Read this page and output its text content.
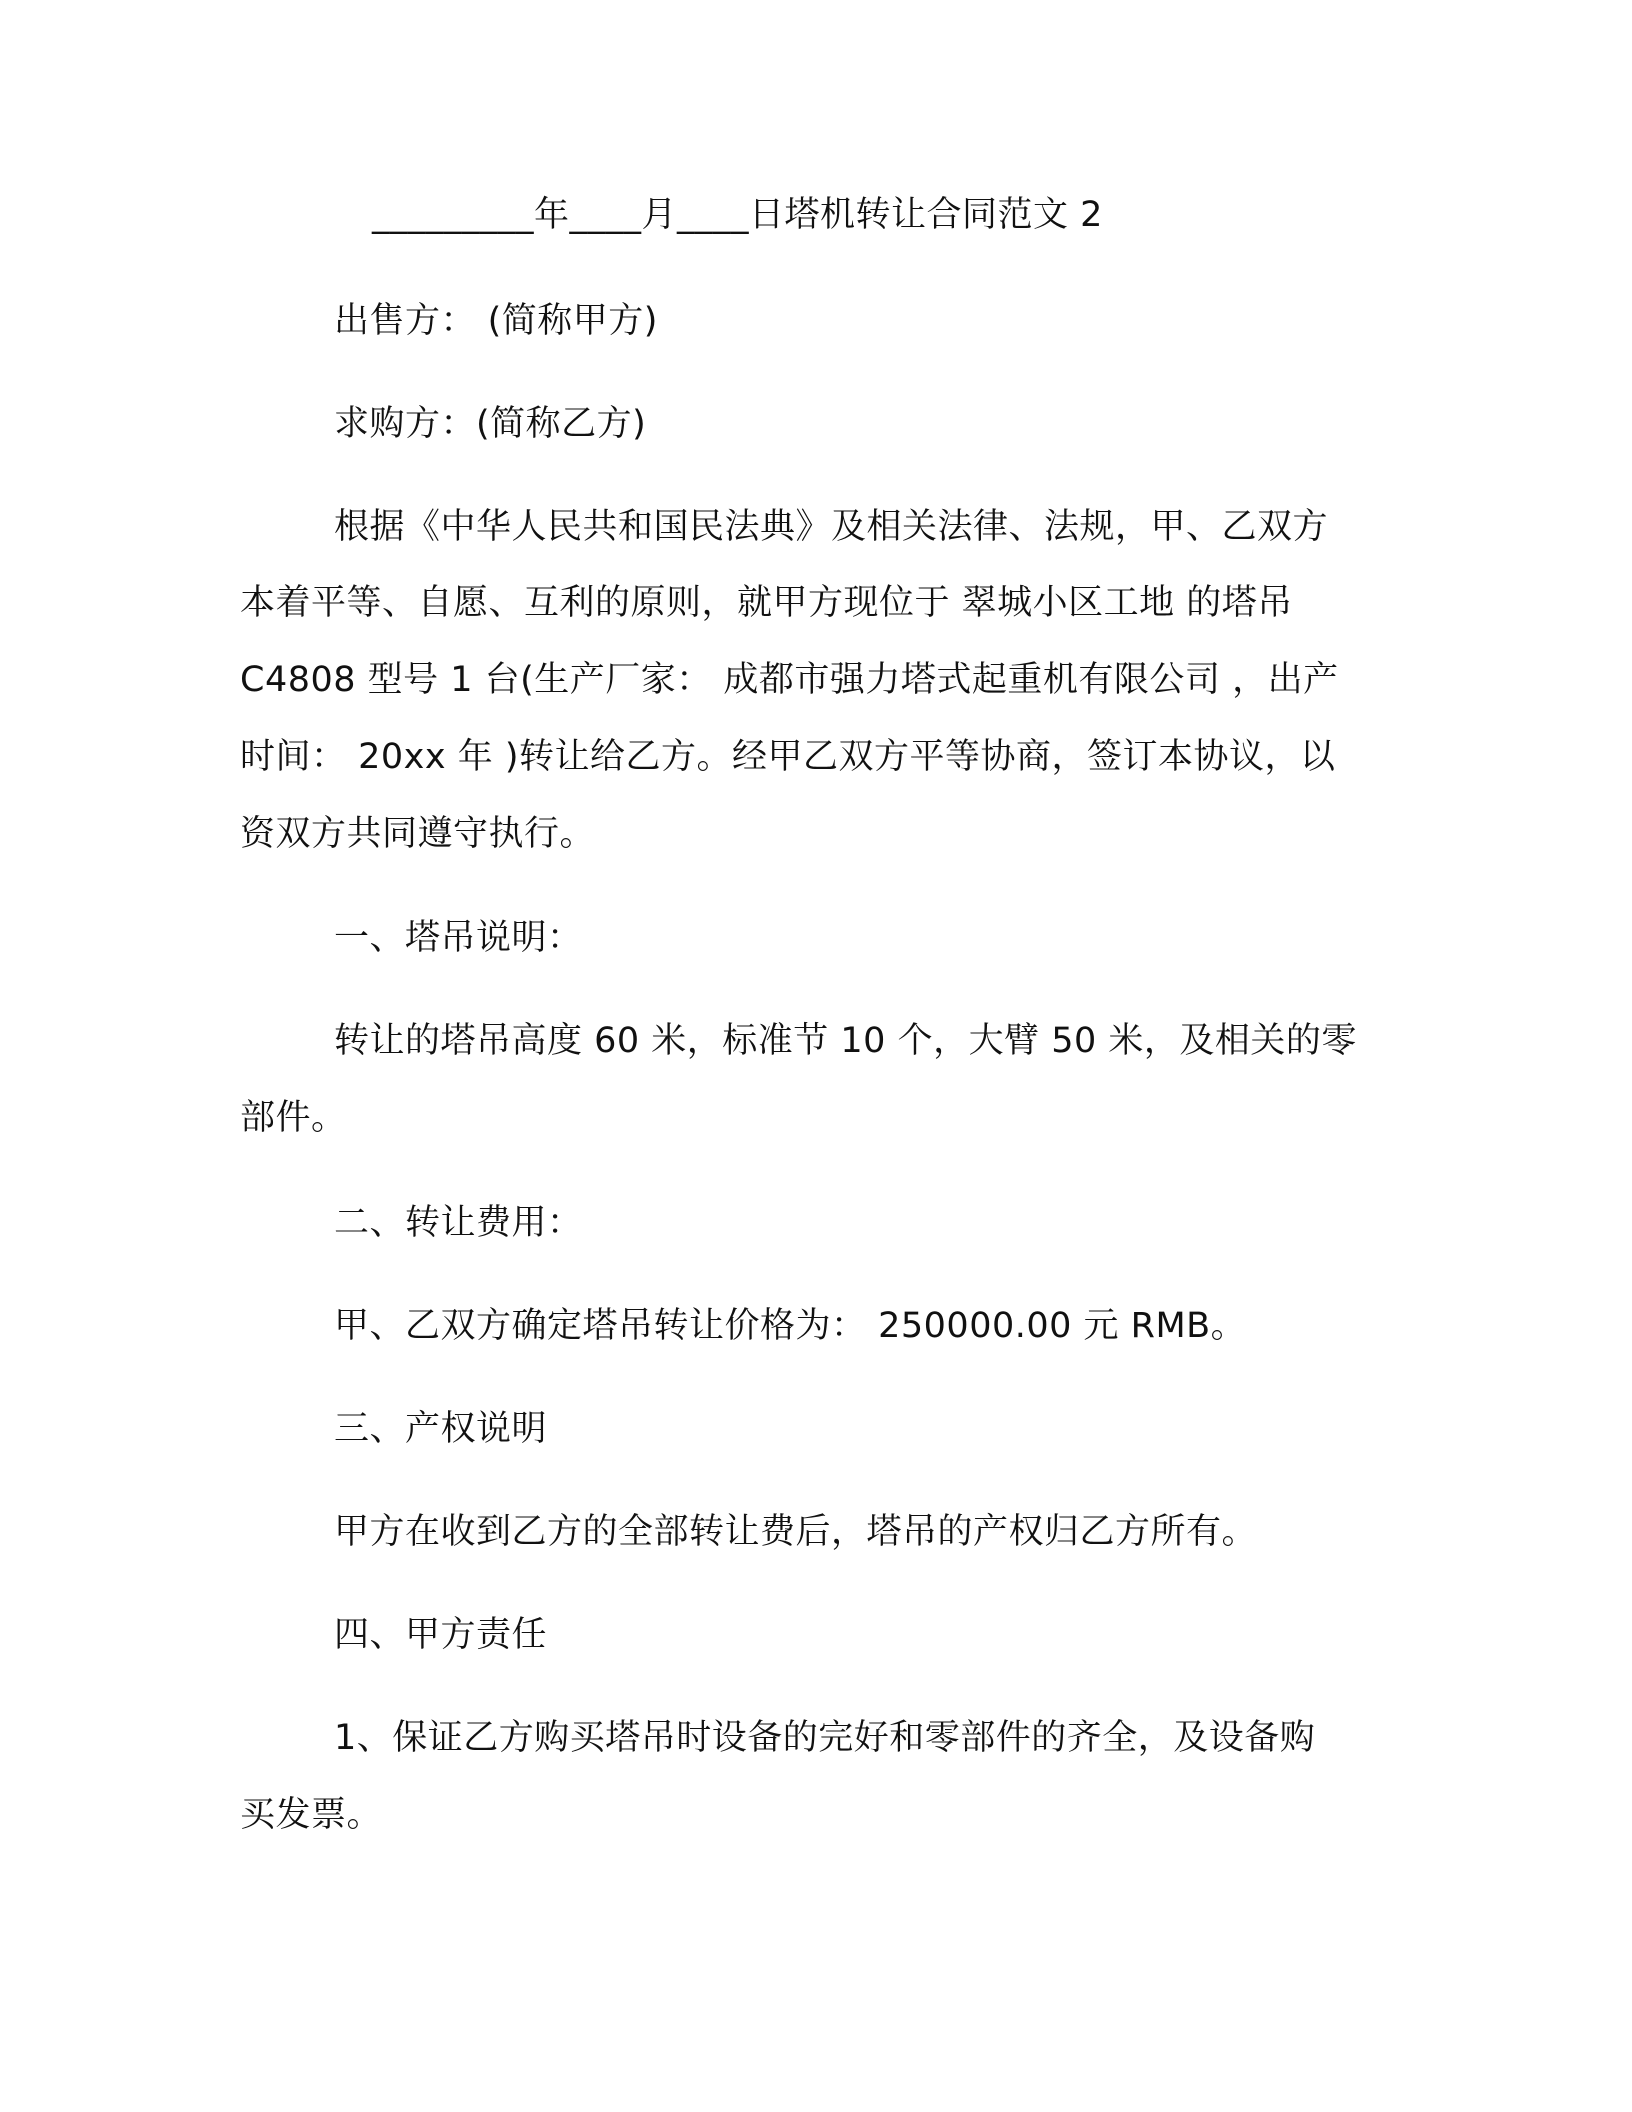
_________年____月____日塔机转让合同范文 2
出售方： (简称甲方)
求购方：(简称乙方)
根据《中华人民共和国民法典》及相关法律、法规，甲、乙双方
本着平等、自愿、互利的原则，就甲方现位于 翠城小区工地 的塔吊
C4808 型号 1 台(生产厂家： 成都市强力塔式起重机有限公司 ，出产
时间： 20xx 年 )转让给乙方。经甲乙双方平等协商，签订本协议，以
资双方共同遵守执行。
一、塔吊说明：
转让的塔吊高度 60 米，标准节 10 个，大臂 50 米，及相关的零
部件。
二、转让费用：
甲、乙双方确定塔吊转让价格为： 250000.00 元 RMB。
三、产权说明
甲方在收到乙方的全部转让费后，塔吊的产权归乙方所有。
四、甲方责任
1、保证乙方购买塔吊时设备的完好和零部件的齐全，及设备购
买发票。
